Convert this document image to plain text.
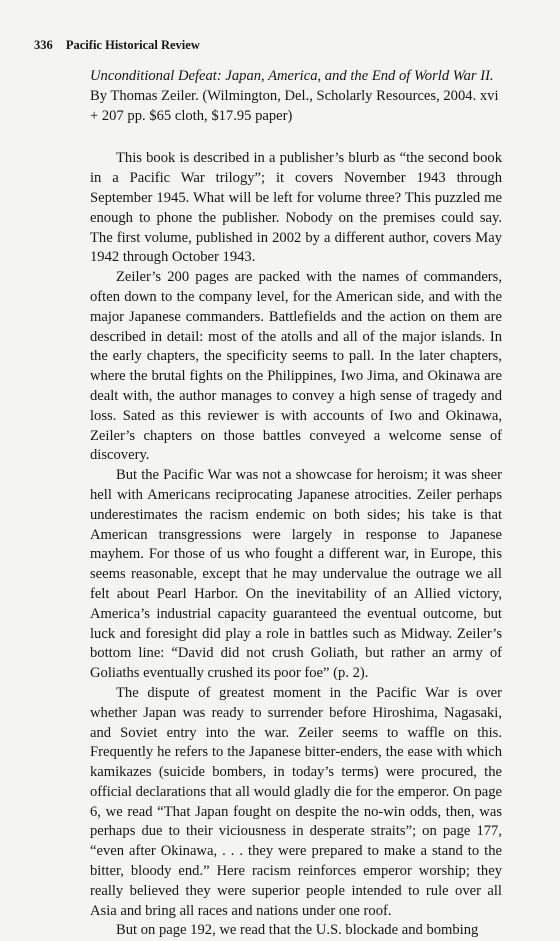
336 Pacific Historical Review

Unconditional Defeat: Japan, America, and the End of World War II. By Thomas Zeiler. (Wilmington, Del., Scholarly Resources, 2004. xvi + 207 pp. $65 cloth, $17.95 paper)

This book is described in a publisher’s blurb as “the second book in a Pacific War trilogy”; it covers November 1943 through September 1945. What will be left for volume three? This puzzled me enough to phone the publisher. Nobody on the premises could say. The first volume, published in 2002 by a different author, covers May 1942 through October 1943.

Zeiler’s 200 pages are packed with the names of commanders, often down to the company level, for the American side, and with the major Japanese commanders. Battlefields and the action on them are described in detail: most of the atolls and all of the major islands. In the early chapters, the specificity seems to pall. In the later chapters, where the brutal fights on the Philippines, Iwo Jima, and Okinawa are dealt with, the author manages to convey a high sense of tragedy and loss. Sated as this reviewer is with accounts of Iwo and Okinawa, Zeiler’s chapters on those battles conveyed a welcome sense of discovery.

But the Pacific War was not a showcase for heroism; it was sheer hell with Americans reciprocating Japanese atrocities. Zeiler perhaps underestimates the racism endemic on both sides; his take is that American transgressions were largely in response to Japanese mayhem. For those of us who fought a different war, in Europe, this seems reasonable, except that he may undervalue the outrage we all felt about Pearl Harbor. On the inevitability of an Allied victory, America’s industrial capacity guaranteed the eventual outcome, but luck and foresight did play a role in battles such as Midway. Zeiler’s bottom line: “David did not crush Goliath, but rather an army of Goliaths eventually crushed its poor foe” (p. 2).

The dispute of greatest moment in the Pacific War is over whether Japan was ready to surrender before Hiroshima, Nagasaki, and Soviet entry into the war. Zeiler seems to waffle on this. Frequently he refers to the Japanese bitter-enders, the ease with which kamikazes (suicide bombers, in today’s terms) were procured, the official declarations that all would gladly die for the emperor. On page 6, we read “That Japan fought on despite the no-win odds, then, was perhaps due to their viciousness in desperate straits”; on page 177, “even after Okinawa, . . . they were prepared to make a stand to the bitter, bloody end.” Here racism reinforces emperor worship; they really believed they were superior people intended to rule over all Asia and bring all races and nations under one roof.

But on page 192, we read that the U.S. blockade and bombing
